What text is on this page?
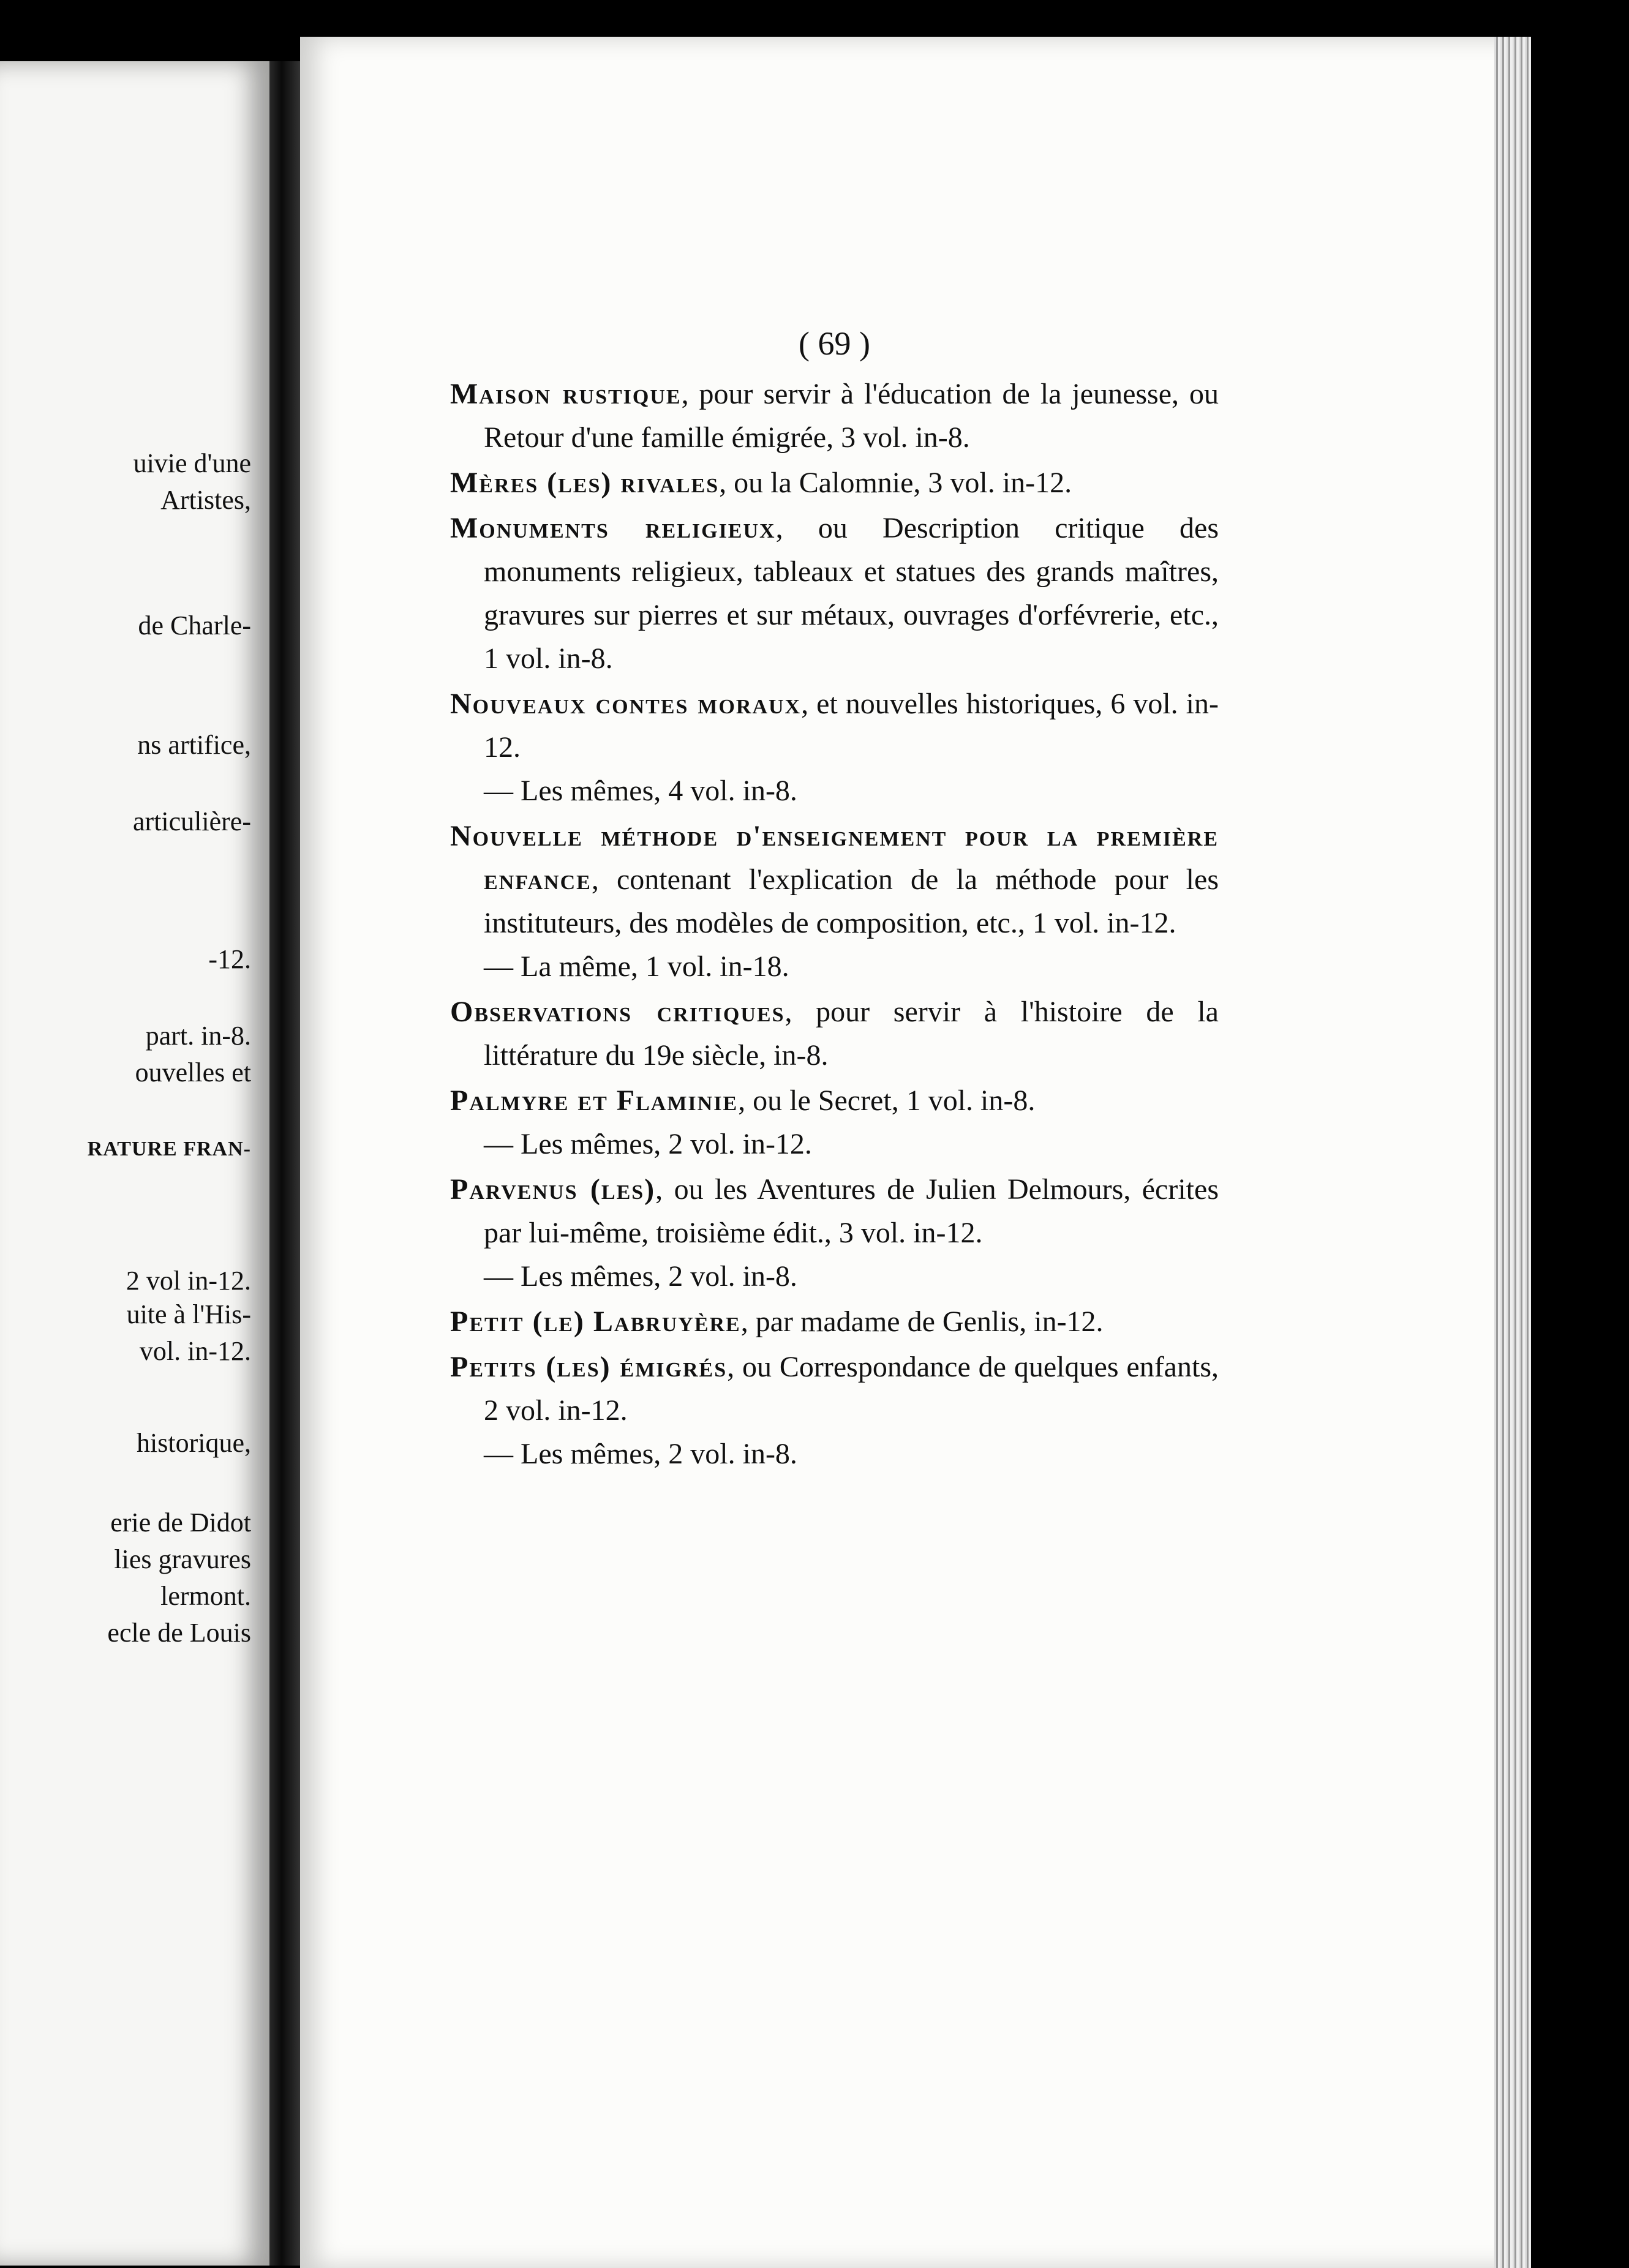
uivie d'une
Artistes,
de Charle-
ns artifice,
articulière-
-12.
part. in-8.
ouvelles et
RATURE FRAN-
2 vol in-12.
uite à l'His-
vol. in-12.
historique,
erie de Didot
lies gravures
lermont.
ecle de Louis
( 69 )
Maison rustique, pour servir à l'éducation de la jeunesse, ou Retour d'une famille émigrée, 3 vol. in-8.
Mères (les) rivales, ou la Calomnie, 3 vol. in-12.
Monuments religieux, ou Description critique des monuments religieux, tableaux et statues des grands maîtres, gravures sur pierres et sur métaux, ouvrages d'orfévrerie, etc., 1 vol. in-8.
Nouveaux contes moraux, et nouvelles historiques, 6 vol. in-12.
— Les mêmes, 4 vol. in-8.
Nouvelle méthode d'enseignement pour la première enfance, contenant l'explication de la méthode pour les instituteurs, des modèles de composition, etc., 1 vol. in-12.
— La même, 1 vol. in-18.
Observations critiques, pour servir à l'histoire de la littérature du 19e siècle, in-8.
Palmyre et Flaminie, ou le Secret, 1 vol. in-8.
— Les mêmes, 2 vol. in-12.
Parvenus (les), ou les Aventures de Julien Delmours, écrites par lui-même, troisième édit., 3 vol. in-12.
— Les mêmes, 2 vol. in-8.
Petit (le) Labruyère, par madame de Genlis, in-12.
Petits (les) émigrés, ou Correspondance de quelques enfants, 2 vol. in-12.
— Les mêmes, 2 vol. in-8.
